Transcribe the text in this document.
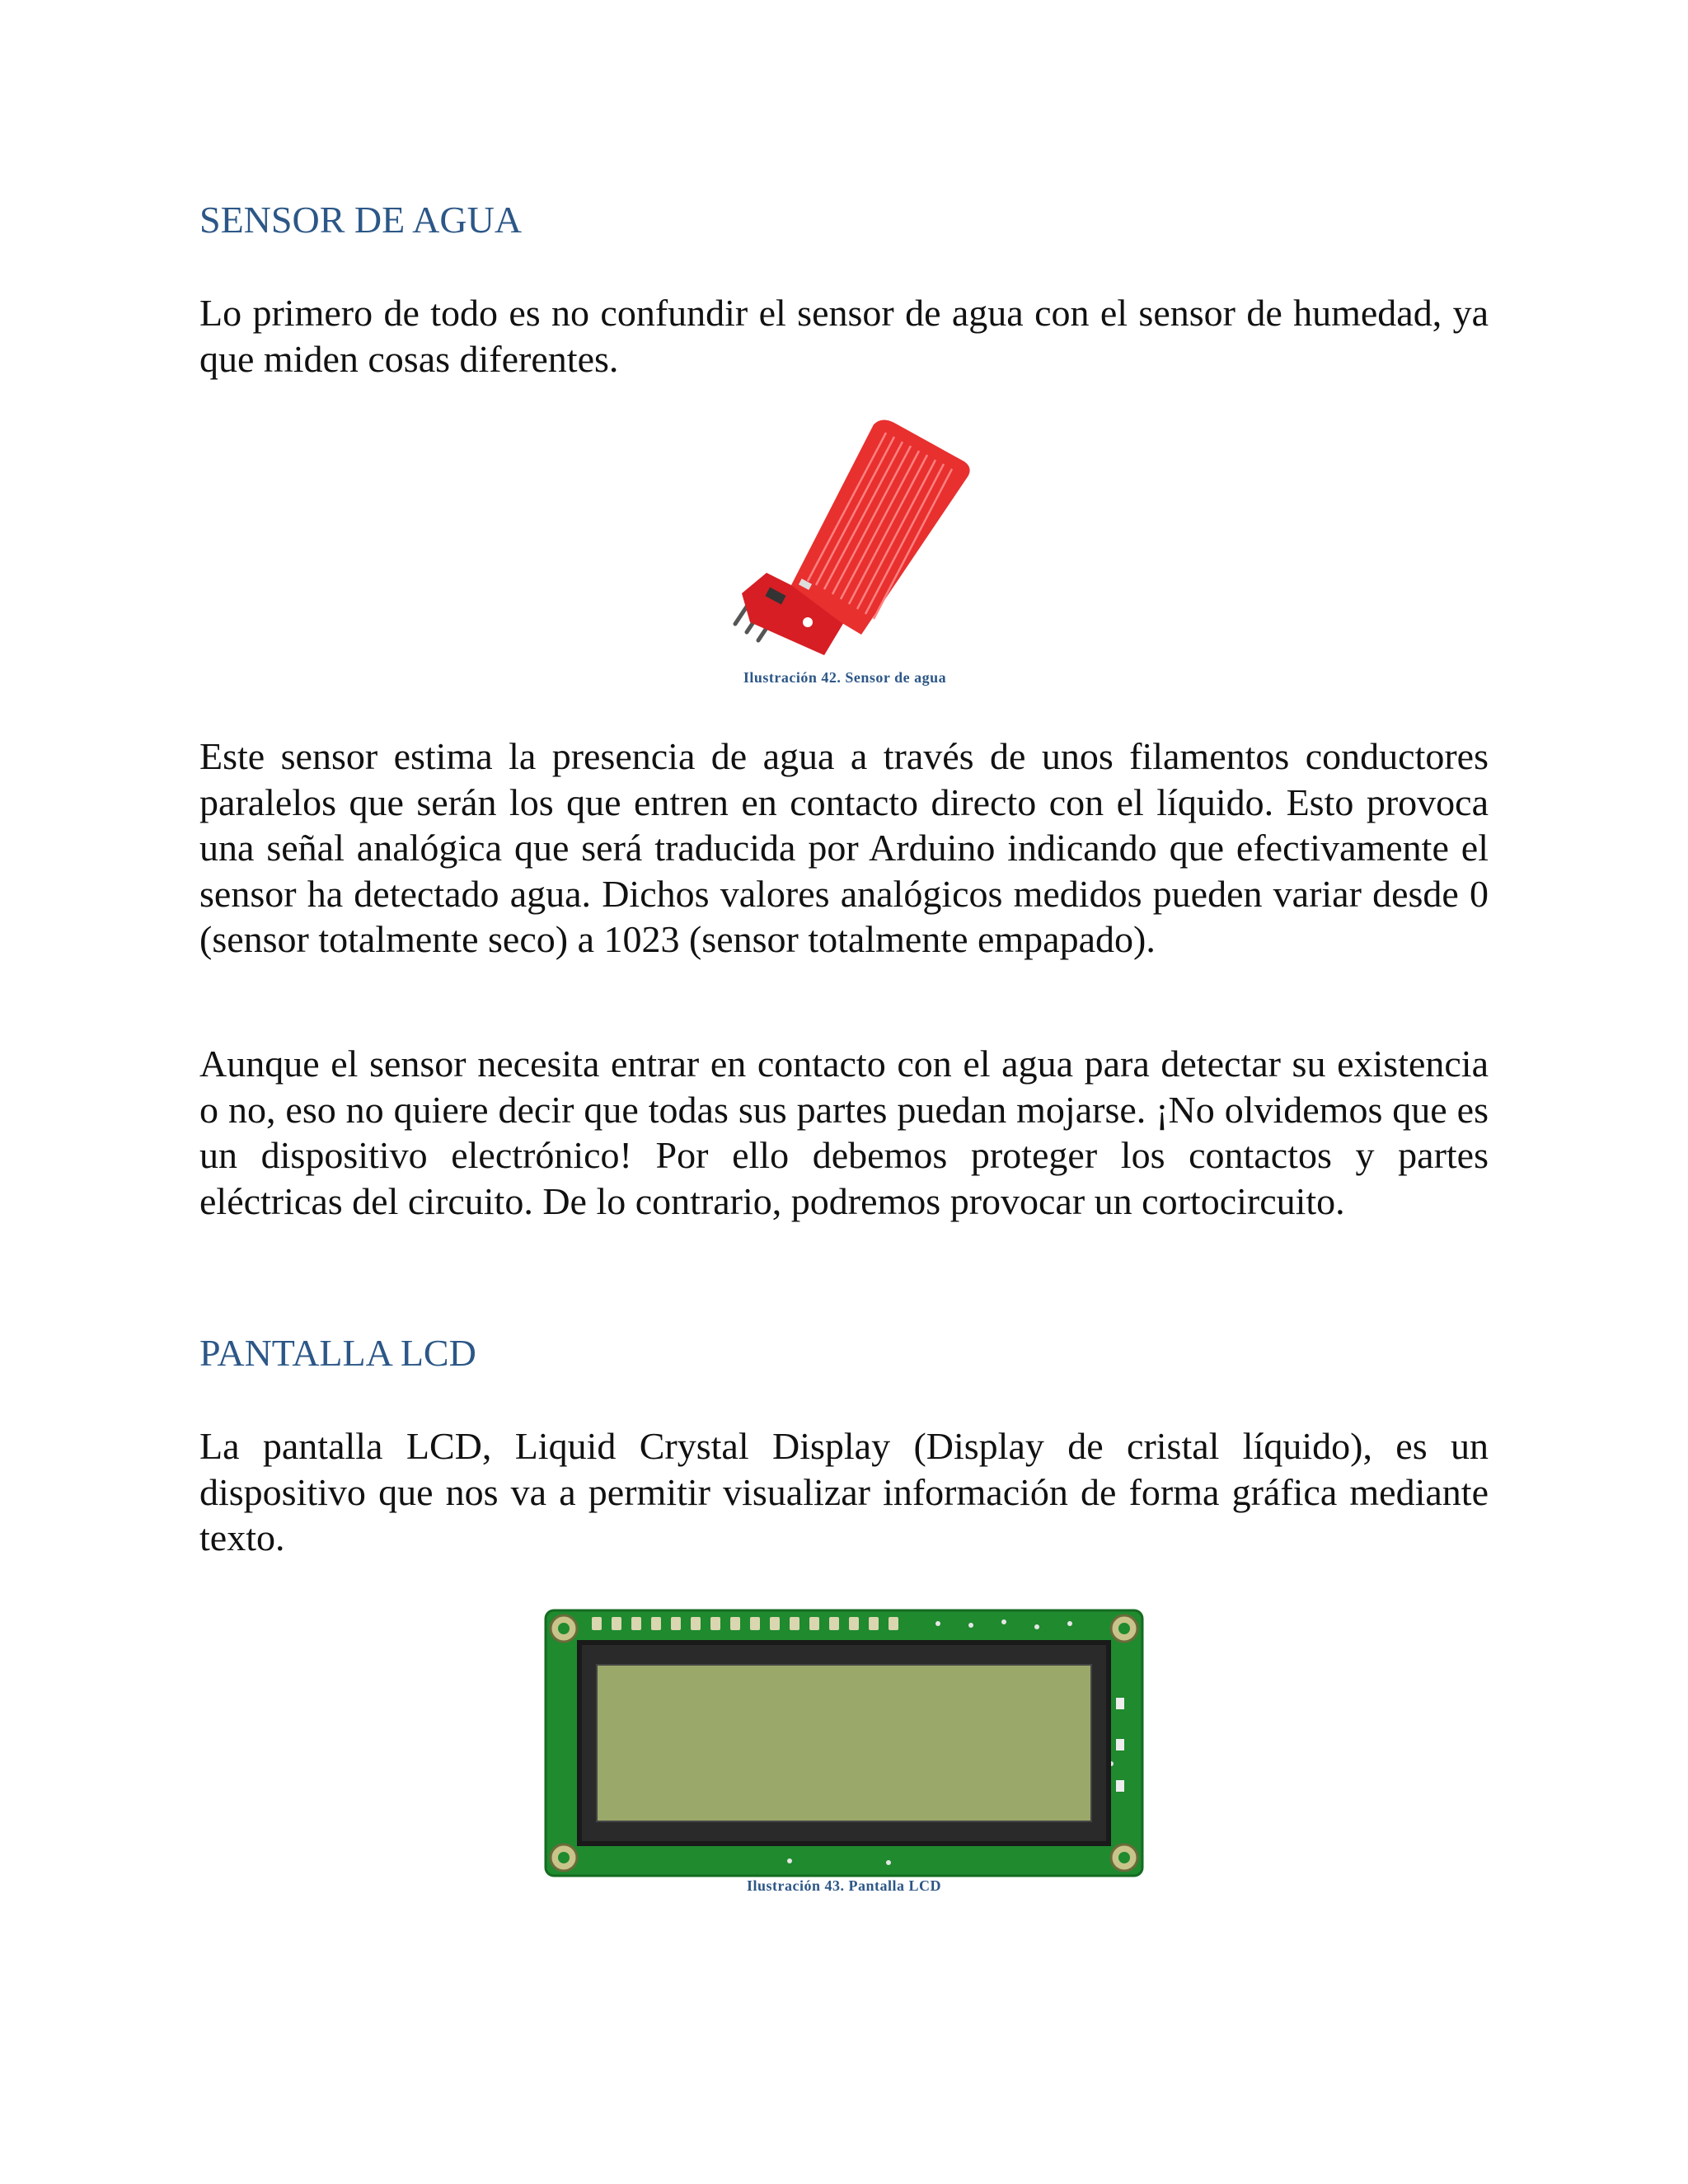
SENSOR DE AGUA

Lo primero de todo es no confundir el sensor de agua con el sensor de humedad, ya que miden cosas diferentes.

Ilustración 42. Sensor de agua

Este sensor estima la presencia de agua a través de unos filamentos conductores paralelos que serán los que entren en contacto directo con el líquido. Esto provoca una señal analógica que será traducida por Arduino indicando que efectivamente el sensor ha detectado agua. Dichos valores analógicos medidos pueden variar desde 0 (sensor totalmente seco) a 1023 (sensor totalmente empapado).

Aunque el sensor necesita entrar en contacto con el agua para detectar su existencia o no, eso no quiere decir que todas sus partes puedan mojarse. ¡No olvidemos que es un dispositivo electrónico! Por ello debemos proteger los contactos y partes eléctricas del circuito. De lo contrario, podremos provocar un cortocircuito.

PANTALLA LCD

La pantalla LCD, Liquid Crystal Display (Display de cristal líquido), es un dispositivo que nos va a permitir visualizar información de forma gráfica mediante texto.

Ilustración 43. Pantalla LCD
